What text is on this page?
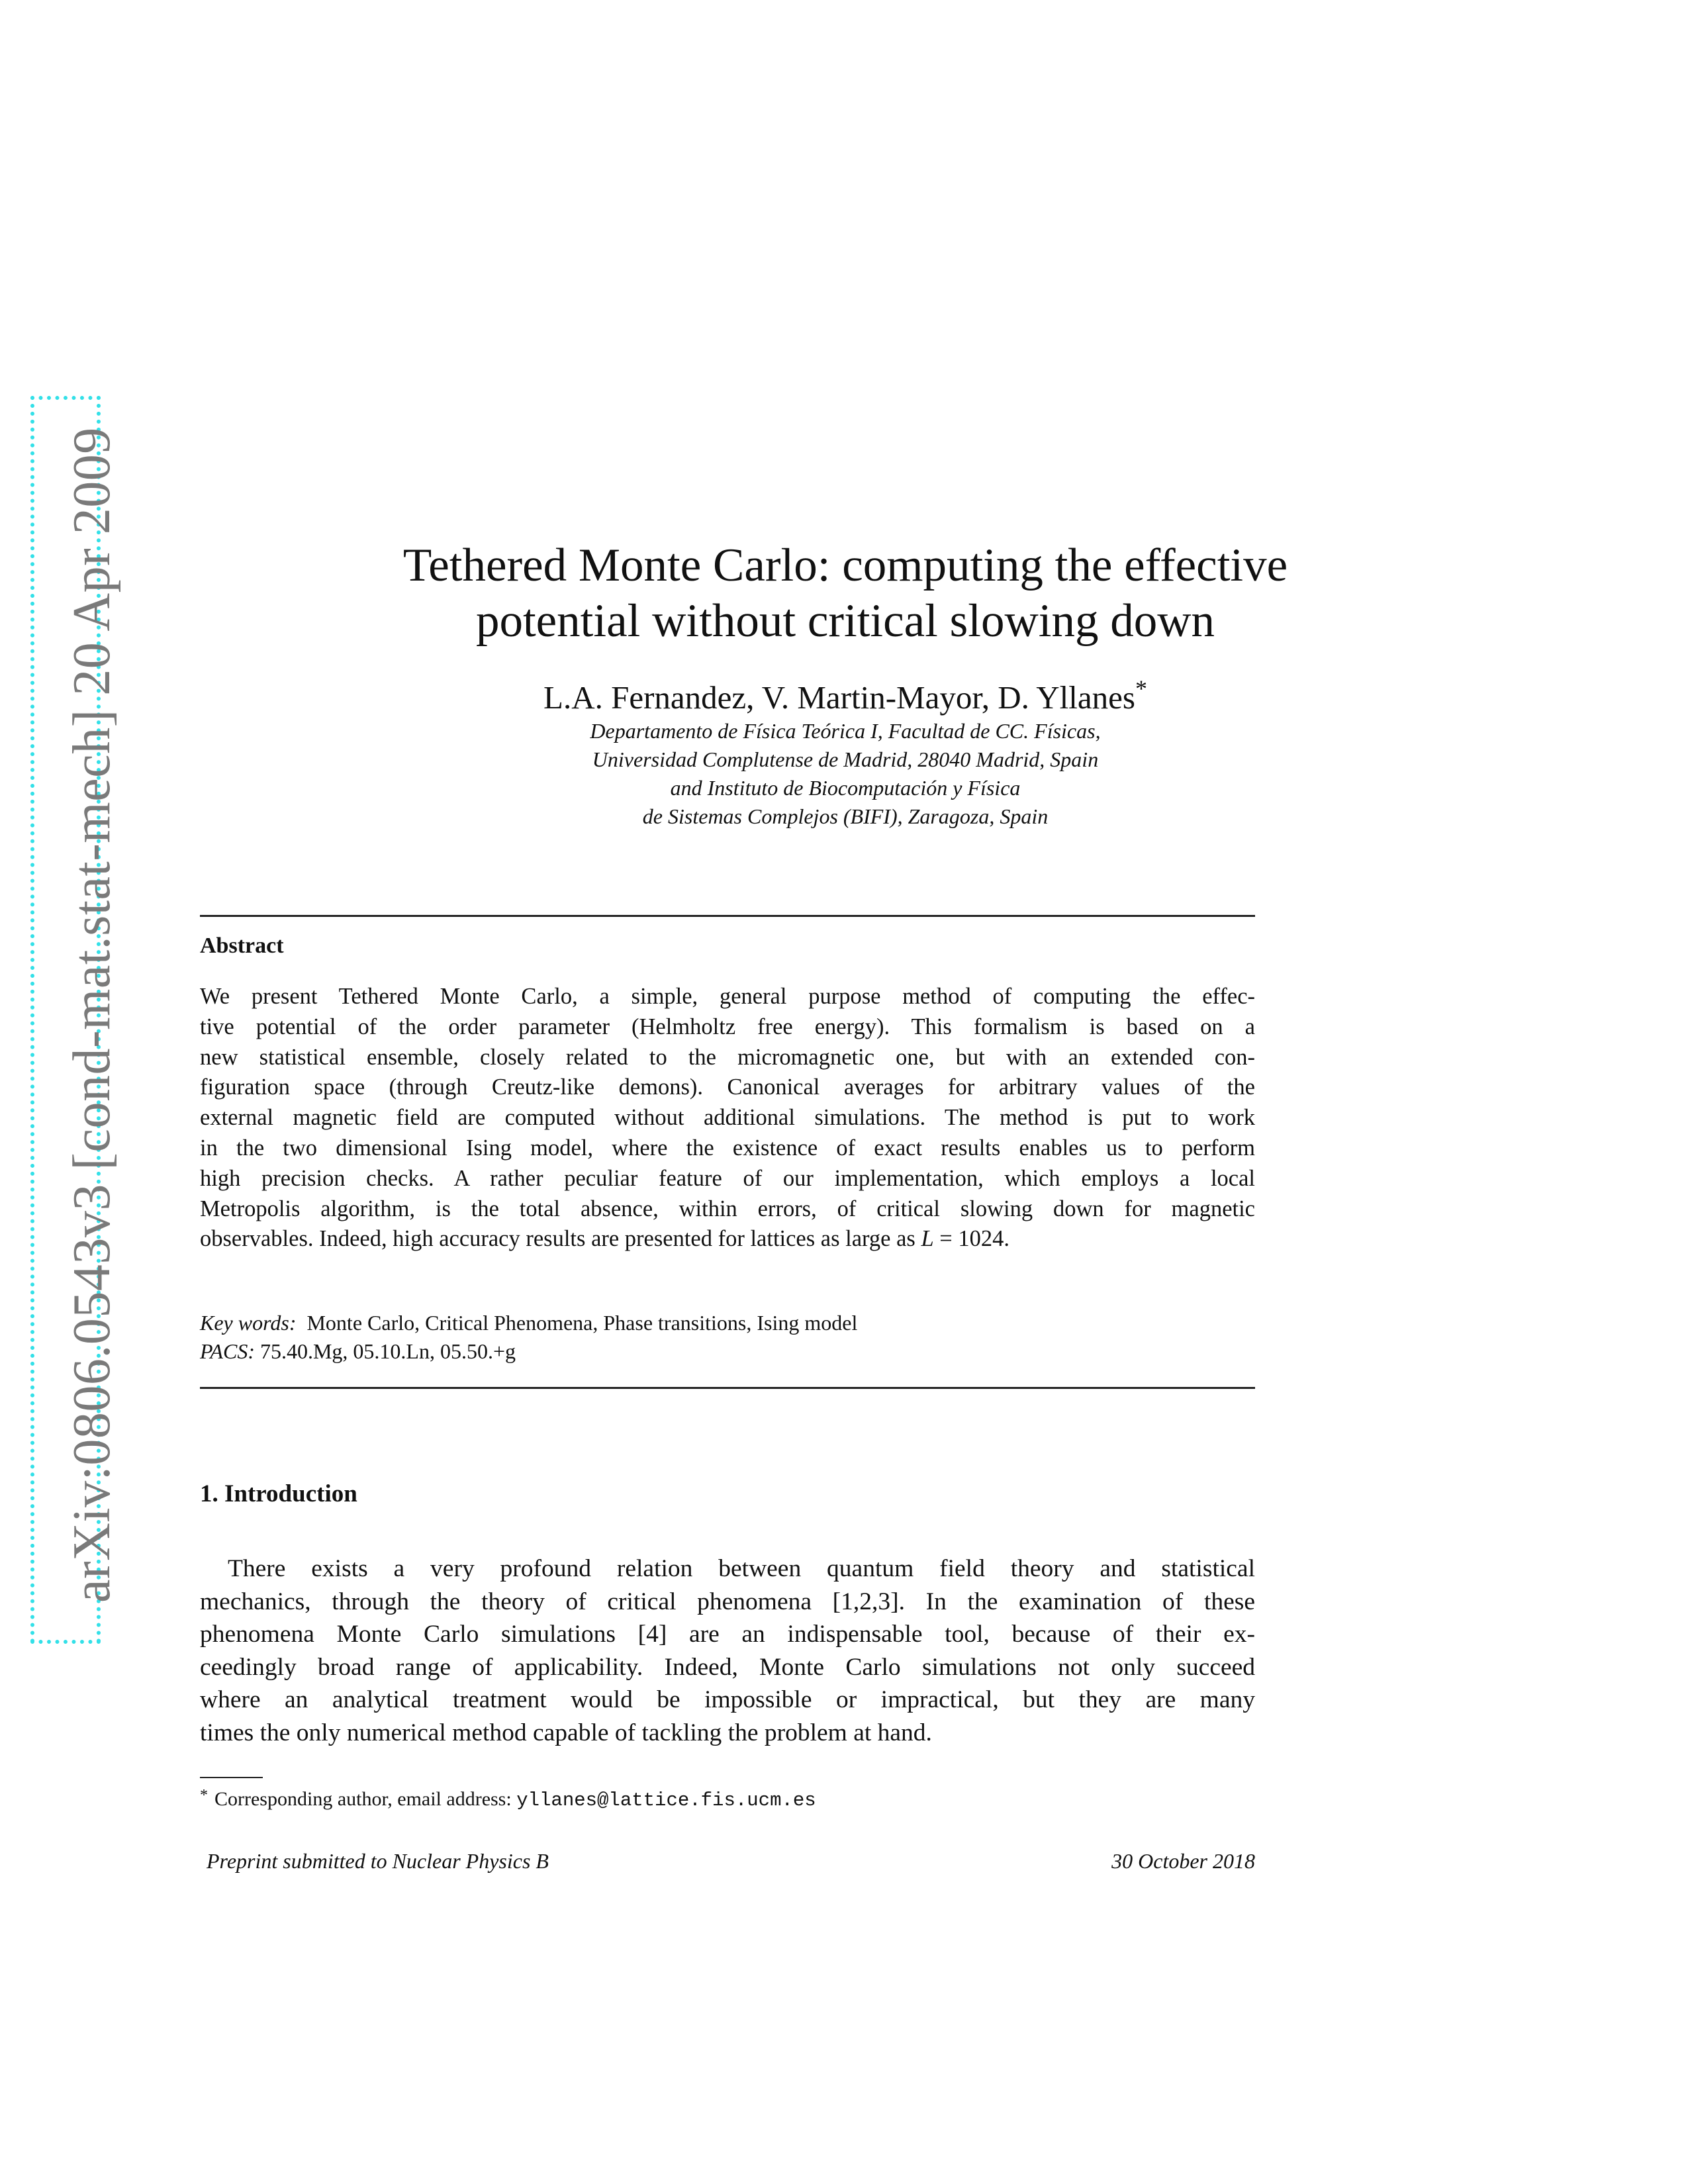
arXiv:0806.0543v3 [cond-mat.stat-mech] 20 Apr 2009	Tethered Monte Carlo: computing the effective
potential without critical slowing down
L.A. Fernandez, V. Martin-Mayor, D. Yllanes*
Departamento de Física Teórica I, Facultad de CC. Físicas,
Universidad Complutense de Madrid, 28040 Madrid, Spain
and Instituto de Biocomputación y Física
de Sistemas Complejos (BIFI), Zaragoza, Spain
Abstract
We present Tethered Monte Carlo, a simple, general purpose method of computing the effec-
tive potential of the order parameter (Helmholtz free energy). This formalism is based on a
new statistical ensemble, closely related to the micromagnetic one, but with an extended con-
figuration space (through Creutz-like demons). Canonical averages for arbitrary values of the
external magnetic field are computed without additional simulations. The method is put to work
in the two dimensional Ising model, where the existence of exact results enables us to perform
high precision checks. A rather peculiar feature of our implementation, which employs a local
Metropolis algorithm, is the total absence, within errors, of critical slowing down for magnetic
observables. Indeed, high accuracy results are presented for lattices as large as L = 1024.
Key words: Monte Carlo, Critical Phenomena, Phase transitions, Ising model
PACS: 75.40.Mg, 05.10.Ln, 05.50.+g
1. Introduction
There exists a very profound relation between quantum field theory and statistical
mechanics, through the theory of critical phenomena [1,2,3]. In the examination of these
phenomena Monte Carlo simulations [4] are an indispensable tool, because of their ex-
ceedingly broad range of applicability. Indeed, Monte Carlo simulations not only succeed
where an analytical treatment would be impossible or impractical, but they are many
times the only numerical method capable of tackling the problem at hand.
* Corresponding author, email address: yllanes@lattice.fis.ucm.es
Preprint submitted to Nuclear Physics B	30 October 2018
